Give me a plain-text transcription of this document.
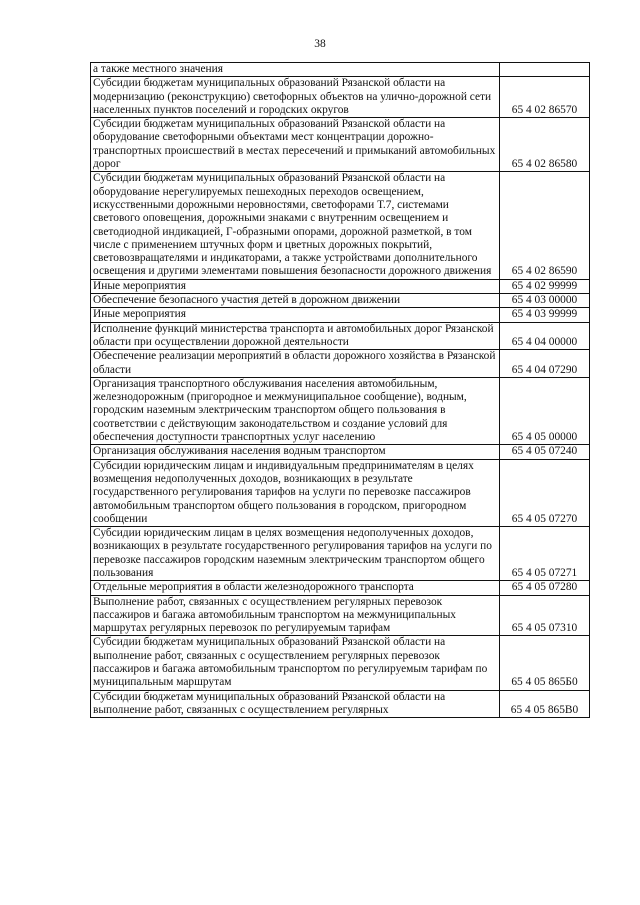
38
а также местного значения	
Субсидии бюджетам муниципальных образований Рязанской области на модернизацию (реконструкцию) светофорных объектов на улично-дорожной сети населенных пунктов поселений и городских округов	65 4 02 86570
Субсидии бюджетам муниципальных образований Рязанской области на оборудование светофорными объектами мест концентрации дорожно-транспортных происшествий в местах пересечений и примыканий автомобильных дорог	65 4 02 86580
Субсидии бюджетам муниципальных образований Рязанской области на оборудование нерегулируемых пешеходных переходов освещением, искусственными дорожными неровностями, светофорами Т.7, системами светового оповещения, дорожными знаками с внутренним освещением и светодиодной индикацией, Г-образными опорами, дорожной разметкой, в том числе с применением штучных форм и цветных дорожных покрытий, световозвращателями и индикаторами, а также устройствами дополнительного освещения и другими элементами повышения безопасности дорожного движения	65 4 02 86590
Иные мероприятия	65 4 02 99999
Обеспечение безопасного участия детей в дорожном движении	65 4 03 00000
Иные мероприятия	65 4 03 99999
Исполнение функций министерства транспорта и автомобильных дорог Рязанской области при осуществлении дорожной деятельности	65 4 04 00000
Обеспечение реализации мероприятий в области дорожного хозяйства в Рязанской области	65 4 04 07290
Организация транспортного обслуживания населения автомобильным, железнодорожным (пригородное и межмуниципальное сообщение), водным, городским наземным электрическим транспортом общего пользования в соответствии с действующим законодательством и создание условий для обеспечения доступности транспортных услуг населению	65 4 05 00000
Организация обслуживания населения водным транспортом	65 4 05 07240
Субсидии юридическим лицам и индивидуальным предпринимателям в целях возмещения недополученных доходов, возникающих в результате государственного регулирования тарифов на услуги по перевозке пассажиров автомобильным транспортом общего пользования в городском, пригородном сообщении	65 4 05 07270
Субсидии юридическим лицам в целях возмещения недополученных доходов, возникающих в результате государственного регулирования тарифов на услуги по перевозке пассажиров городским наземным электрическим транспортом общего пользования	65 4 05 07271
Отдельные мероприятия в области железнодорожного транспорта	65 4 05 07280
Выполнение работ, связанных с осуществлением регулярных перевозок пассажиров и багажа автомобильным транспортом на межмуниципальных маршрутах регулярных перевозок по регулируемым тарифам	65 4 05 07310
Субсидии бюджетам муниципальных образований Рязанской области на выполнение работ, связанных с осуществлением регулярных перевозок пассажиров и багажа автомобильным транспортом по регулируемым тарифам по муниципальным маршрутам	65 4 05 865Б0
Субсидии бюджетам муниципальных образований Рязанской области на выполнение работ, связанных с осуществлением регулярных	65 4 05 865В0
